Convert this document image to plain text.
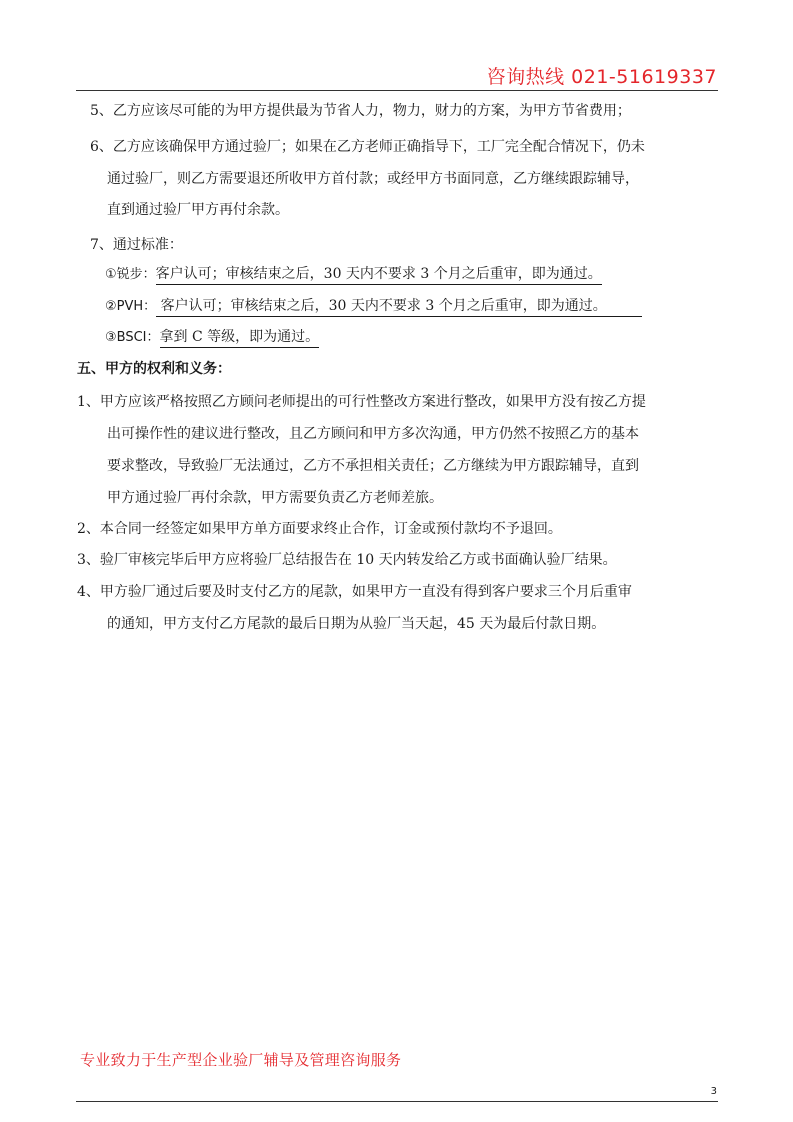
咨询热线 021-51619337
5、乙方应该尽可能的为甲方提供最为节省人力，物力，财力的方案，为甲方节省费用；
6、乙方应该确保甲方通过验厂；如果在乙方老师正确指导下，工厂完全配合情况下，仍未
通过验厂，则乙方需要退还所收甲方首付款；或经甲方书面同意，乙方继续跟踪辅导，
直到通过验厂甲方再付余款。
7、通过标准：
①锐步：客户认可；审核结束之后，30 天内不要求 3 个月之后重审，即为通过。
②PVH： 客户认可；审核结束之后，30 天内不要求 3 个月之后重审，即为通过。
③BSCI：拿到 C 等级，即为通过。
五、甲方的权利和义务：
1、甲方应该严格按照乙方顾问老师提出的可行性整改方案进行整改，如果甲方没有按乙方提
出可操作性的建议进行整改，且乙方顾问和甲方多次沟通，甲方仍然不按照乙方的基本
要求整改，导致验厂无法通过，乙方不承担相关责任；乙方继续为甲方跟踪辅导，直到
甲方通过验厂再付余款，甲方需要负责乙方老师差旅。
2、本合同一经签定如果甲方单方面要求终止合作，订金或预付款均不予退回。
3、验厂审核完毕后甲方应将验厂总结报告在 10 天内转发给乙方或书面确认验厂结果。
4、甲方验厂通过后要及时支付乙方的尾款，如果甲方一直没有得到客户要求三个月后重审
的通知，甲方支付乙方尾款的最后日期为从验厂当天起，45 天为最后付款日期。
专业致力于生产型企业验厂辅导及管理咨询服务
3
